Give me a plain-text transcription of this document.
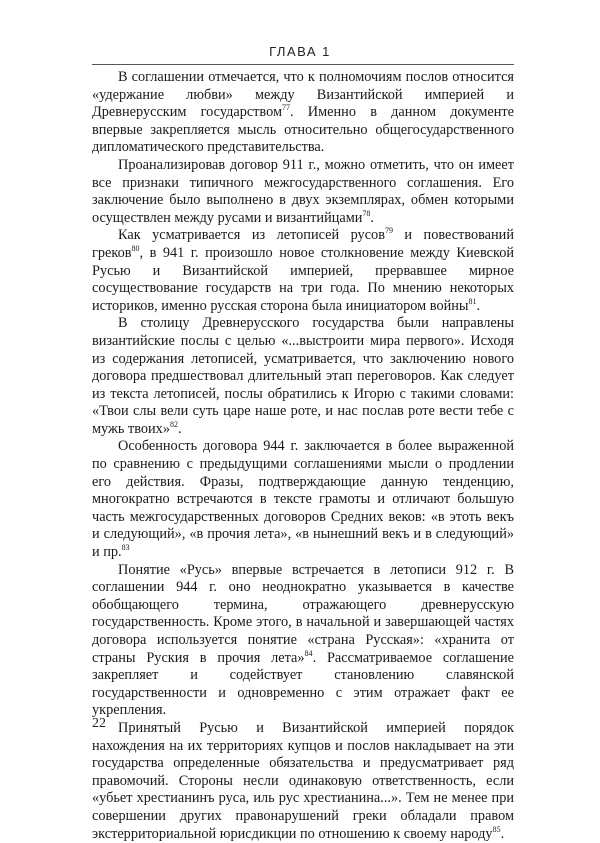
ГЛАВА 1

В соглашении отмечается, что к полномочиям послов относится «удержание любви» между Византийской империей и Древнерусским государством$^{77}$. Именно в данном документе впервые закрепляется мысль относительно общегосударственного дипломатического представительства.

Проанализировав договор 911 г., можно отметить, что он имеет все признаки типичного межгосударственного соглашения. Его заключение было выполнено в двух экземплярах, обмен которыми осуществлен между русами и византийцами$^{78}$.

Как усматривается из летописей русов$^{79}$ и повествований греков$^{80}$, в 941 г. произошло новое столкновение между Киевской Русью и Византийской империей, прервавшее мирное сосуществование государств на три года. По мнению некоторых историков, именно русская сторона была инициатором войны$^{81}$.

В столицу Древнерусского государства были направлены византийские послы с целью «...выстроити мира первого». Исходя из содержания летописей, усматривается, что заключению нового договора предшествовал длительный этап переговоров. Как следует из текста летописей, послы обратились к Игорю с такими словами: «Твои слы вели суть царе наше роте, и нас послав роте вести тебе с мужь твоих»$^{82}$.

Особенность договора 944 г. заключается в более выраженной по сравнению с предыдущими соглашениями мысли о продлении его действия. Фразы, подтверждающие данную тенденцию, многократно встречаются в тексте грамоты и отличают большую часть межгосударственных договоров Средних веков: «в этоть векъ и следующий», «в прочия лета», «в нынешний векъ и в следующий» и пр.$^{83}$

Понятие «Русь» впервые встречается в летописи 912 г. В соглашении 944 г. оно неоднократно указывается в качестве обобщающего термина, отражающего древнерусскую государственность. Кроме этого, в начальной и завершающей частях договора используется понятие «страна Русская»: «хранита от страны Руския в прочия лета»$^{84}$. Рассматриваемое соглашение закрепляет и содействует становлению славянской государственности и одновременно с этим отражает факт ее укрепления.

Принятый Русью и Византийской империей порядок нахождения на их территориях купцов и послов накладывает на эти государства определенные обязательства и предусматривает ряд правомочий. Стороны несли одинаковую ответственность, если «убьет хрестианинъ руса, иль рус хрестианина...». Тем не менее при совершении других правонарушений греки обладали правом экстерриториальной юрисдикции по отношению к своему народу$^{85}$.

22
